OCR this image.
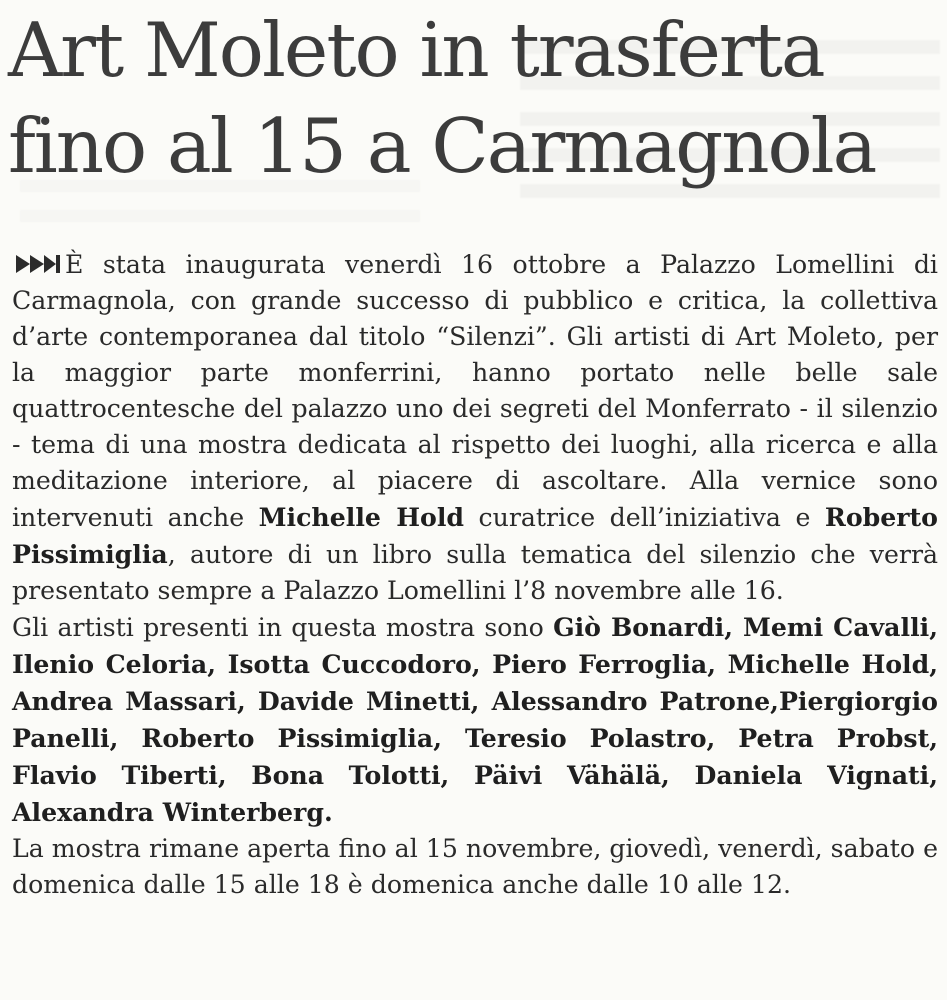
Art Moleto in trasferta
fino al 15 a Carmagnola

È stata inaugurata venerdì 16 ottobre a Palazzo Lomellini di Carmagnola, con grande successo di pubblico e critica, la collettiva d’arte contemporanea dal titolo “Silenzi”. Gli artisti di Art Moleto, per la maggior parte monferrini, hanno portato nelle belle sale quattrocentesche del palazzo uno dei segreti del Monferrato - il silenzio - tema di una mostra dedicata al rispetto dei luoghi, alla ricerca e alla meditazione interiore, al piacere di ascoltare. Alla vernice sono intervenuti anche Michelle Hold curatrice dell’iniziativa e Roberto Pissimiglia, autore di un libro sulla tematica del silenzio che verrà presentato sempre a Palazzo Lomellini l’8 novembre alle 16.

Gli artisti presenti in questa mostra sono Giò Bonardi, Memi Cavalli, Ilenio Celoria, Isotta Cuccodoro, Piero Ferroglia, Michelle Hold, Andrea Massari, Davide Minetti, Alessandro Patrone,Piergiorgio Panelli, Roberto Pissimiglia, Teresio Polastro, Petra Probst, Flavio Tiberti, Bona Tolotti, Päivi Vähälä, Daniela Vignati, Alexandra Winterberg.

La mostra rimane aperta fino al 15 novembre, giovedì, venerdì, sabato e domenica dalle 15 alle 18 è domenica anche dalle 10 alle 12.
